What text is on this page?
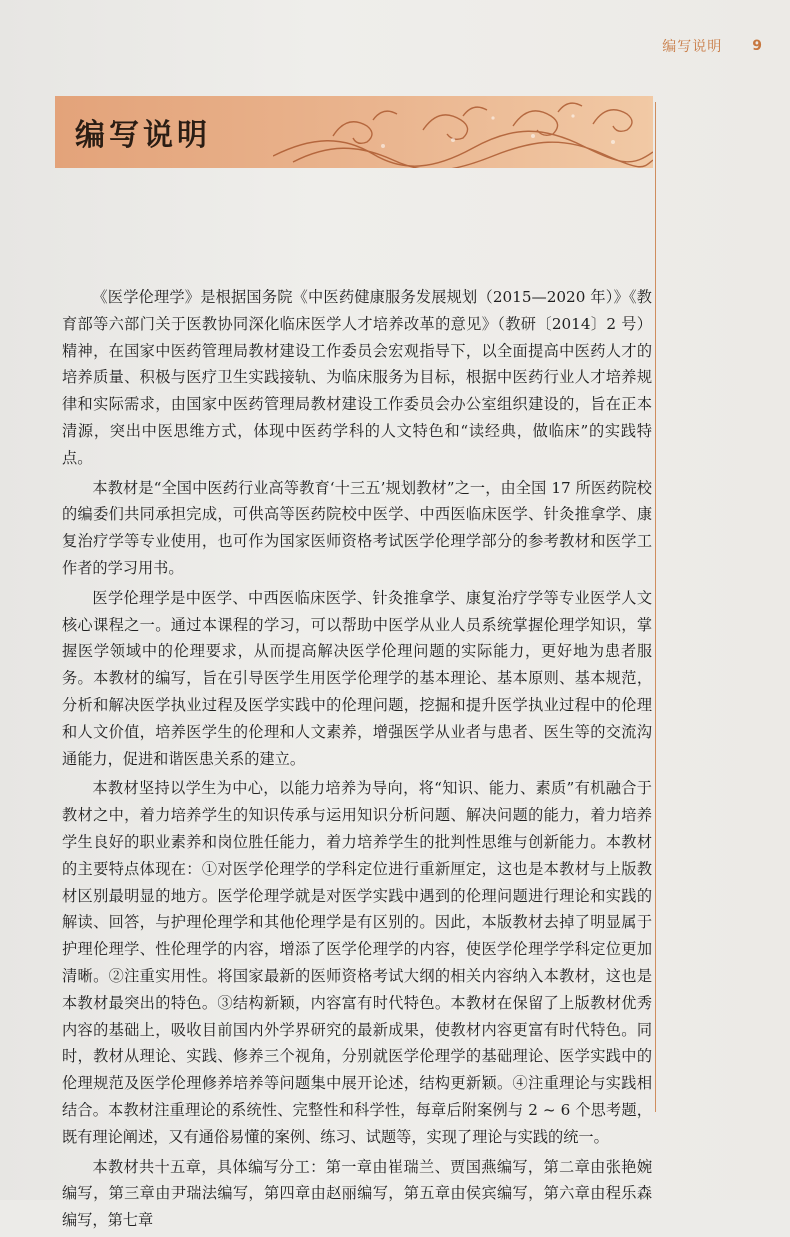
编写说明 9
编写说明

《医学伦理学》是根据国务院《中医药健康服务发展规划（2015—2020 年）》《教育部等六部门关于医教协同深化临床医学人才培养改革的意见》（教研〔2014〕2 号）精神，在国家中医药管理局教材建设工作委员会宏观指导下，以全面提高中医药人才的培养质量、积极与医疗卫生实践接轨、为临床服务为目标，根据中医药行业人才培养规律和实际需求，由国家中医药管理局教材建设工作委员会办公室组织建设的，旨在正本清源，突出中医思维方式，体现中医药学科的人文特色和“读经典，做临床”的实践特点。

本教材是“全国中医药行业高等教育‘十三五’规划教材”之一，由全国 17 所医药院校的编委们共同承担完成，可供高等医药院校中医学、中西医临床医学、针灸推拿学、康复治疗学等专业使用，也可作为国家医师资格考试医学伦理学部分的参考教材和医学工作者的学习用书。

医学伦理学是中医学、中西医临床医学、针灸推拿学、康复治疗学等专业医学人文核心课程之一。通过本课程的学习，可以帮助中医学从业人员系统掌握伦理学知识，掌握医学领域中的伦理要求，从而提高解决医学伦理问题的实际能力，更好地为患者服务。本教材的编写，旨在引导医学生用医学伦理学的基本理论、基本原则、基本规范，分析和解决医学执业过程及医学实践中的伦理问题，挖掘和提升医学执业过程中的伦理和人文价值，培养医学生的伦理和人文素养，增强医学从业者与患者、医生等的交流沟通能力，促进和谐医患关系的建立。

本教材坚持以学生为中心，以能力培养为导向，将“知识、能力、素质”有机融合于教材之中，着力培养学生的知识传承与运用知识分析问题、解决问题的能力，着力培养学生良好的职业素养和岗位胜任能力，着力培养学生的批判性思维与创新能力。本教材的主要特点体现在：①对医学伦理学的学科定位进行重新厘定，这也是本教材与上版教材区别最明显的地方。医学伦理学就是对医学实践中遇到的伦理问题进行理论和实践的解读、回答，与护理伦理学和其他伦理学是有区别的。因此，本版教材去掉了明显属于护理伦理学、性伦理学的内容，增添了医学伦理学的内容，使医学伦理学学科定位更加清晰。②注重实用性。将国家最新的医师资格考试大纲的相关内容纳入本教材，这也是本教材最突出的特色。③结构新颖，内容富有时代特色。本教材在保留了上版教材优秀内容的基础上，吸收目前国内外学界研究的最新成果，使教材内容更富有时代特色。同时，教材从理论、实践、修养三个视角，分别就医学伦理学的基础理论、医学实践中的伦理规范及医学伦理修养培养等问题集中展开论述，结构更新颖。④注重理论与实践相结合。本教材注重理论的系统性、完整性和科学性，每章后附案例与 2 ~ 6 个思考题，既有理论阐述，又有通俗易懂的案例、练习、试题等，实现了理论与实践的统一。

本教材共十五章，具体编写分工：第一章由崔瑞兰、贾国燕编写，第二章由张艳婉编写，第三章由尹瑞法编写，第四章由赵丽编写，第五章由侯宾编写，第六章由程乐森编写，第七章
